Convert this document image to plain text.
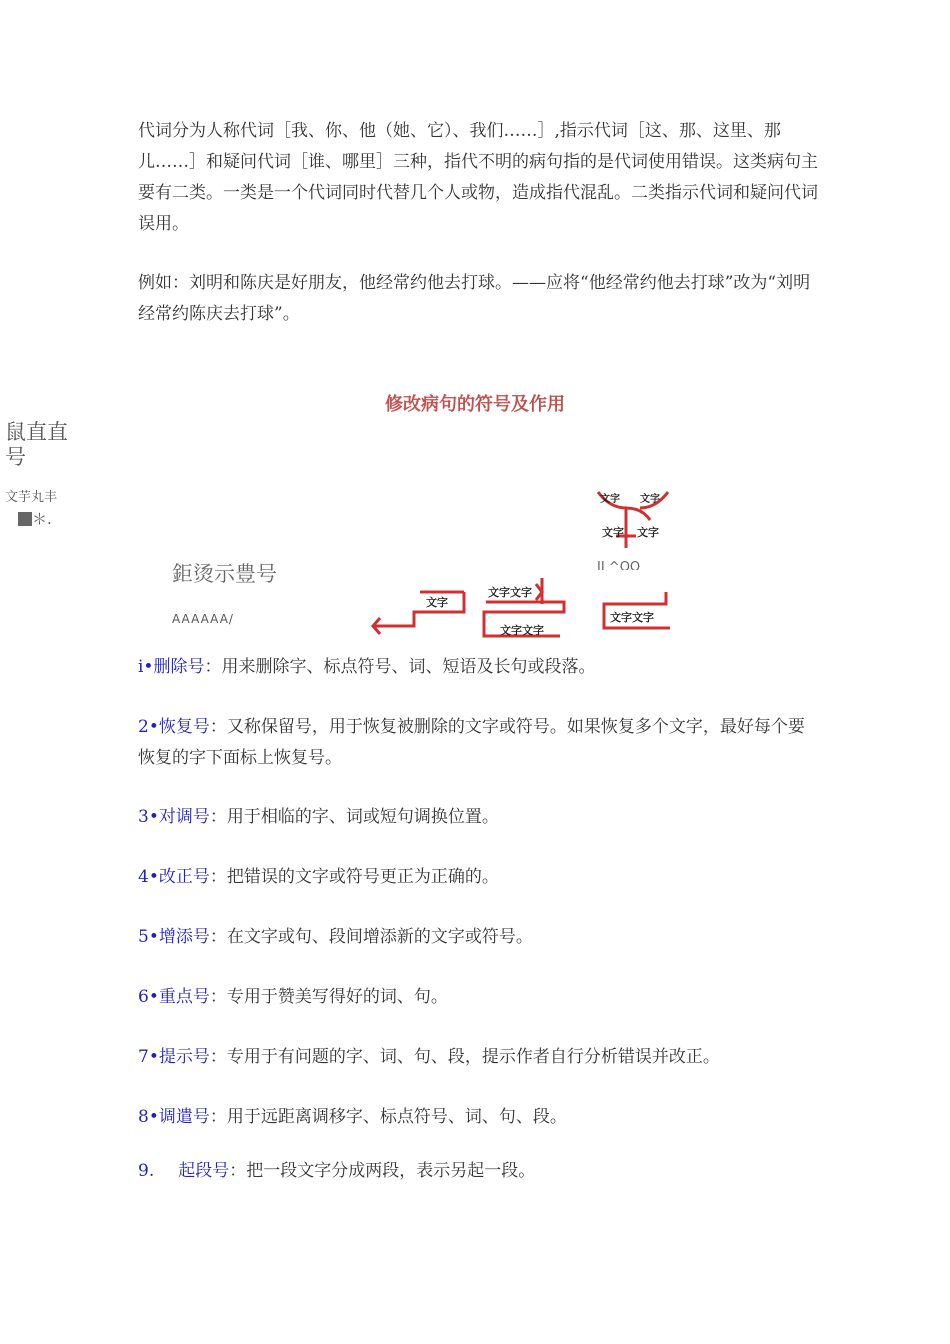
代词分为人称代词［我、你、他（她、它）、我们……］,指示代词［这、那、这里、那儿……］和疑问代词［谁、哪里］三种，指代不明的病句指的是代词使用错误。这类病句主要有二类。一类是一个代词同时代替几个人或物，造成指代混乱。二类指示代词和疑问代词误用。

例如：刘明和陈庆是好朋友，他经常约他去打球。——应将“他经常约他去打球”改为“刘明经常约陈庆去打球”。

修改病句的符号及作用
鼠直直号
文芋丸丰
＊.
鉅烫示豊号
AAAAAA/
文字 文字
文字 文字
文字
文字文字
文字文字
文字文字
II ^OO

i•删除号：用来删除字、标点符号、词、短语及长句或段落。

2•恢复号：又称保留号，用于恢复被删除的文字或符号。如果恢复多个文字，最好每个要恢复的字下面标上恢复号。

3•对调号：用于相临的字、词或短句调换位置。

4•改正号：把错误的文字或符号更正为正确的。

5•增添号：在文字或句、段间增添新的文字或符号。

6•重点号：专用于赞美写得好的词、句。

7•提示号：专用于有问题的字、词、句、段，提示作者自行分析错误并改正。

8•调遣号：用于远距离调移字、标点符号、词、句、段。

9. 起段号：把一段文字分成两段，表示另起一段。
